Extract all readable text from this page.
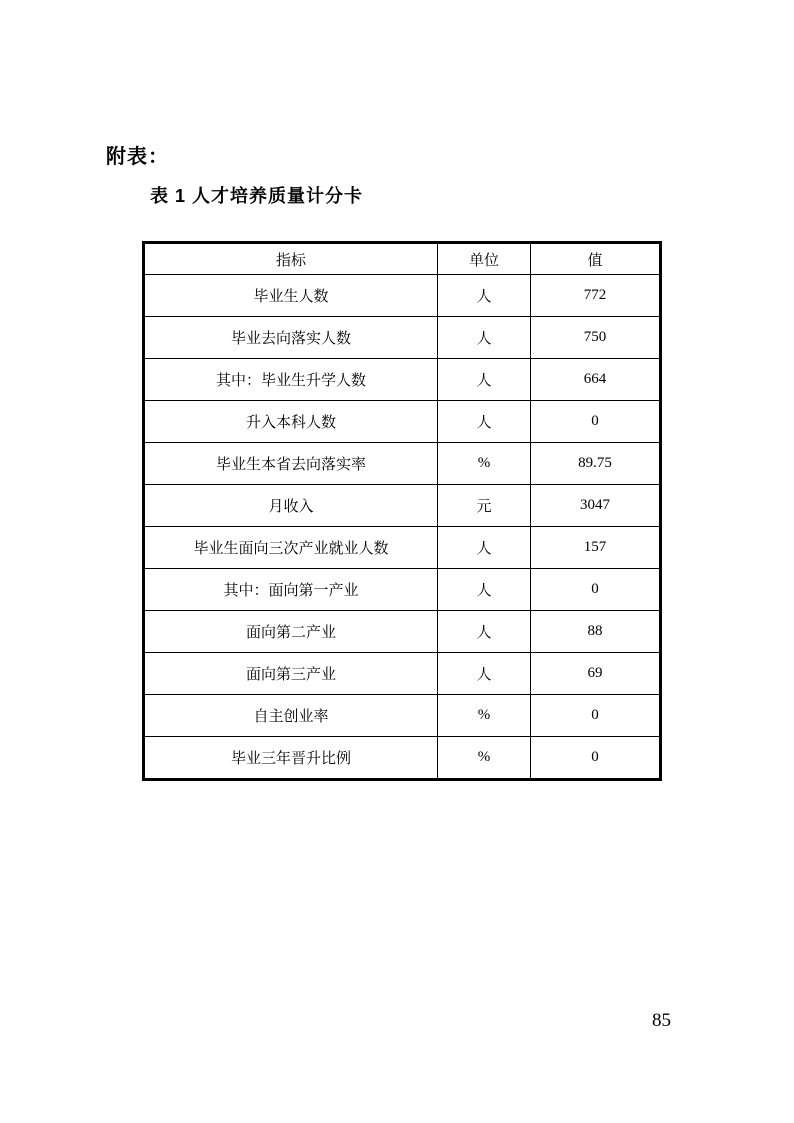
附表：
表 1 人才培养质量计分卡
指标	单位	值
毕业生人数	人	772
毕业去向落实人数	人	750
其中：毕业生升学人数	人	664
升入本科人数	人	0
毕业生本省去向落实率	%	89.75
月收入	元	3047
毕业生面向三次产业就业人数	人	157
其中：面向第一产业	人	0
面向第二产业	人	88
面向第三产业	人	69
自主创业率	%	0
毕业三年晋升比例	%	0
85
